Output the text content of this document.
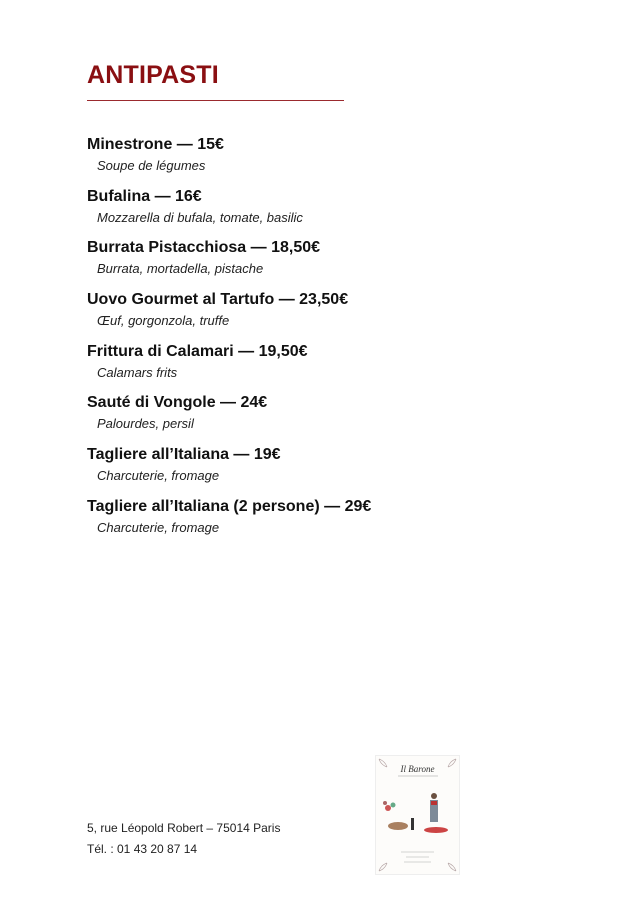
ANTIPASTI
Minestrone — 15€
Soupe de légumes
Bufalina — 16€
Mozzarella di bufala, tomate, basilic
Burrata Pistacchiosa — 18,50€
Burrata, mortadella, pistache
Uovo Gourmet al Tartufo — 23,50€
Œuf, gorgonzola, truffe
Frittura di Calamari — 19,50€
Calamars frits
Sauté di Vongole — 24€
Palourdes, persil
Tagliere all’Italiana — 19€
Charcuterie, fromage
Tagliere all’Italiana (2 persone) — 29€
Charcuterie, fromage
5, rue Léopold Robert – 75014 Paris
Tél. : 01 43 20 87 14
Il Barone
